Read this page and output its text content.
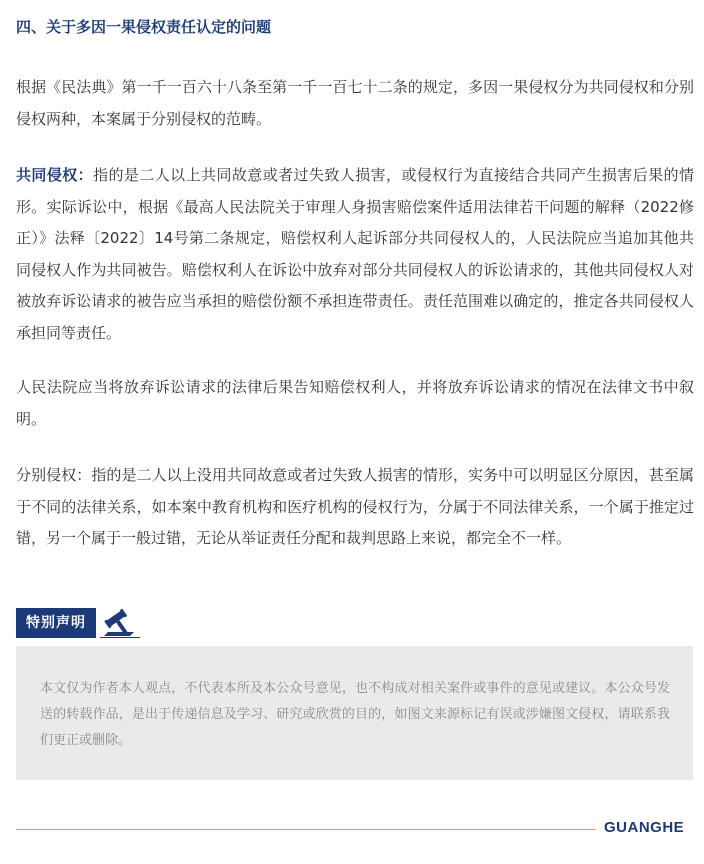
四、关于多因一果侵权责任认定的问题
根据《民法典》第一千一百六十八条至第一千一百七十二条的规定，多因一果侵权分为共同侵权和分别侵权两种，本案属于分别侵权的范畴。
共同侵权：指的是二人以上共同故意或者过失致人损害，或侵权行为直接结合共同产生损害后果的情形。实际诉讼中，根据《最高人民法院关于审理人身损害赔偿案件适用法律若干问题的解释（2022修正）》法释〔2022〕14号第二条规定，赔偿权利人起诉部分共同侵权人的，人民法院应当追加其他共同侵权人作为共同被告。赔偿权利人在诉讼中放弃对部分共同侵权人的诉讼请求的，其他共同侵权人对被放弃诉讼请求的被告应当承担的赔偿份额不承担连带责任。责任范围难以确定的，推定各共同侵权人承担同等责任。
人民法院应当将放弃诉讼请求的法律后果告知赔偿权利人，并将放弃诉讼请求的情况在法律文书中叙明。
分别侵权：指的是二人以上没用共同故意或者过失致人损害的情形，实务中可以明显区分原因，甚至属于不同的法律关系，如本案中教育机构和医疗机构的侵权行为，分属于不同法律关系，一个属于推定过错，另一个属于一般过错，无论从举证责任分配和裁判思路上来说，都完全不一样。
特别声明
本文仅为作者本人观点，不代表本所及本公众号意见，也不构成对相关案件或事件的意见或建议。本公众号发送的转载作品，是出于传递信息及学习、研究或欣赏的目的，如图文来源标记有误或涉嫌图文侵权，请联系我们更正或删除。
GUANGHE
